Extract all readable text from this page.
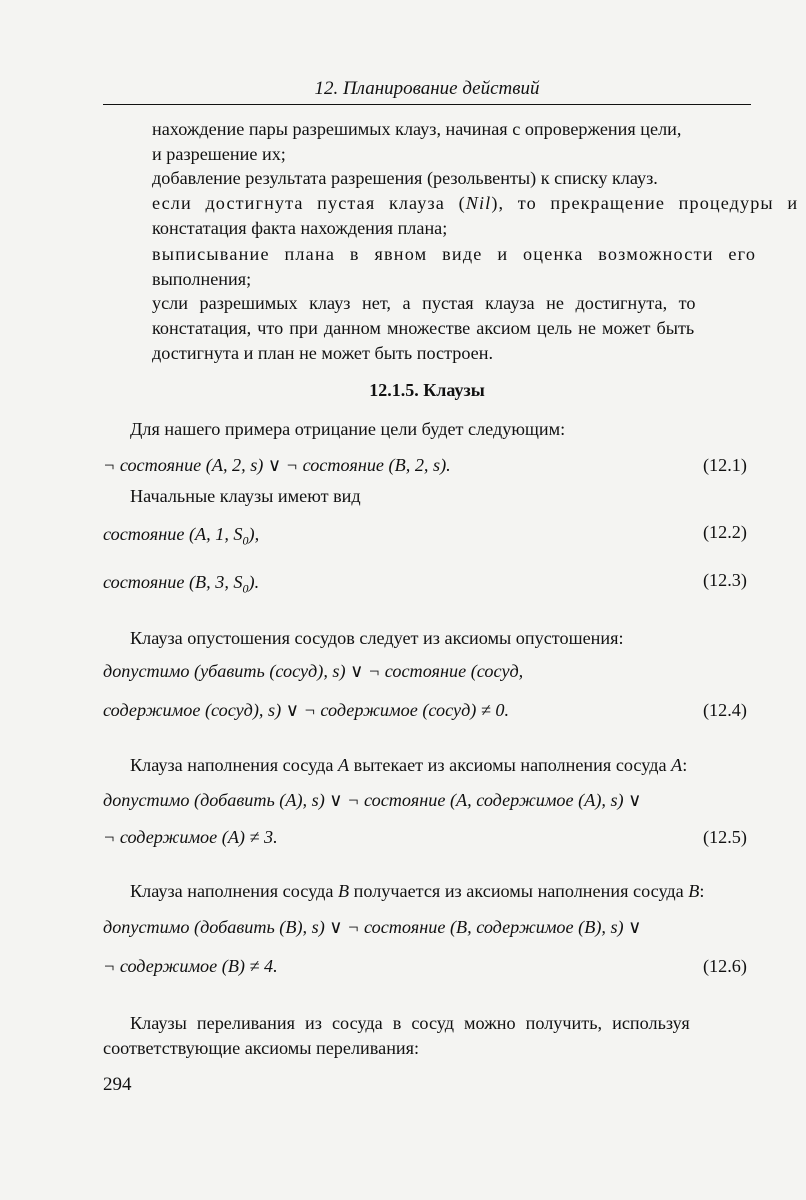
12. Планирование действий
нахождение пары разрешимых клауз, начиная с опровержения цели,
и разрешение их;
добавление результата разрешения (резольвенты) к списку клауз.
если достигнута пустая клауза (Nil), то прекращение процедуры и
констатация факта нахождения плана;
выписывание плана в явном виде и оценка возможности его
выполнения;
усли разрешимых клауз нет, а пустая клауза не достигнута, то
констатация, что при данном множестве аксиом цель не может быть
достигнута и план не может быть построен.
12.1.5. Клаузы
Для нашего примера отрицание цели будет следующим:
¬ состояние (A, 2, s) ∨ ¬ состояние (B, 2, s).	(12.1)
Начальные клаузы имеют вид
состояние (A, 1, $S_0$),	(12.2)
состояние (B, 3, $S_0$).	(12.3)
Клауза опустошения сосудов следует из аксиомы опустошения:
допустимо (убавить (сосуд), s) ∨ ¬ состояние (сосуд,
содержимое (сосуд), s) ∨ ¬ содержимое (сосуд) ≠ 0.	(12.4)
Клауза наполнения сосуда A вытекает из аксиомы наполнения сосуда A:
допустимо (добавить (A), s) ∨ ¬ состояние (A, содержимое (A), s) ∨
¬ содержимое (A) ≠ 3.	(12.5)
Клауза наполнения сосуда B получается из аксиомы наполнения сосуда B:
допустимо (добавить (B), s) ∨ ¬ состояние (B, содержимое (B), s) ∨
¬ содержимое (B) ≠ 4.	(12.6)
Клаузы переливания из сосуда в сосуд можно получить, используя
соответствующие аксиомы переливания:
294
